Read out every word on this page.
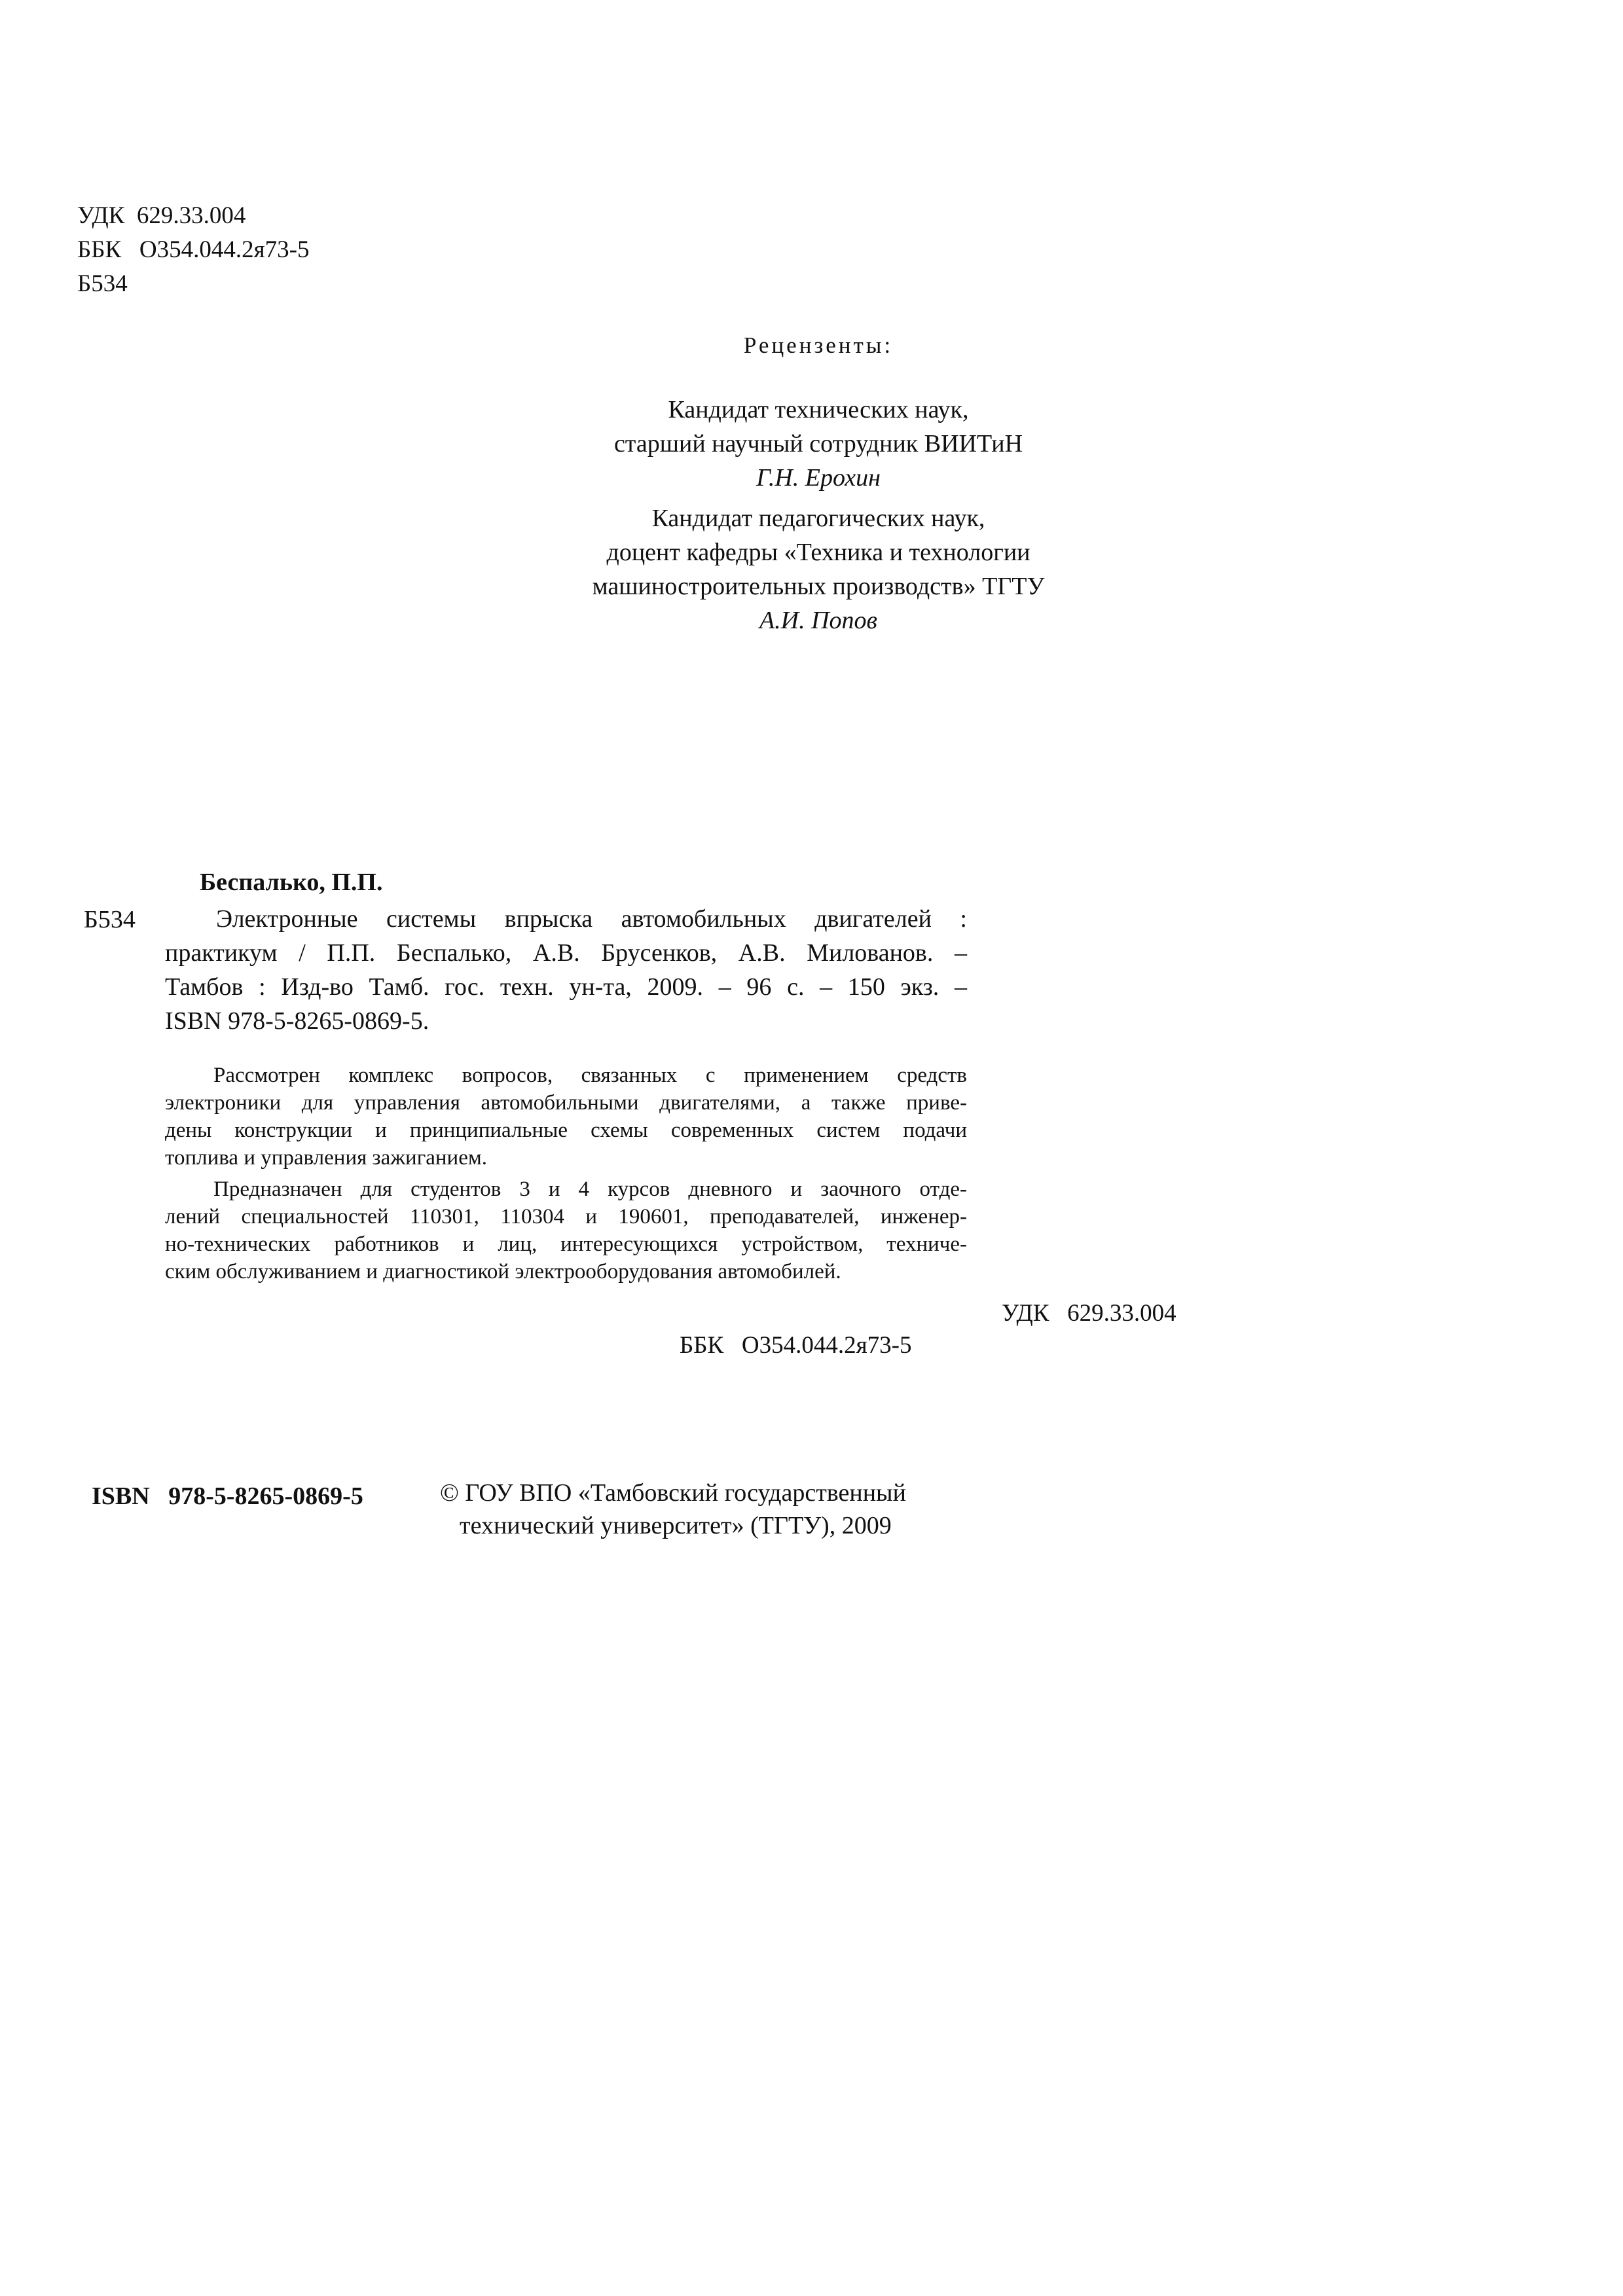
УДК  629.33.004
ББК   О354.044.2я73-5
Б534
Рецензенты:
Кандидат технических наук,
старший научный сотрудник ВИИТиН
Г.Н. Ерохин
Кандидат педагогических наук,
доцент кафедры «Техника и технологии
машиностроительных производств» ТГТУ
А.И. Попов
Беспалько, П.П.
Б534	Электронные системы впрыска автомобильных двигателей :
практикум / П.П. Беспалько, А.В. Брусенков, А.В. Милованов. –
Тамбов : Изд-во Тамб. гос. техн. ун-та, 2009. – 96 с. – 150 экз. –
ISBN 978-5-8265-0869-5.
Рассмотрен комплекс вопросов, связанных с применением средств
электроники для управления автомобильными двигателями, а также приве-
дены конструкции и принципиальные схемы современных систем подачи
топлива и управления зажиганием.
Предназначен для студентов 3 и 4 курсов дневного и заочного отде-
лений специальностей 110301, 110304 и 190601, преподавателей, инженер-
но-технических работников и лиц, интересующихся устройством, техниче-
ским обслуживанием и диагностикой электрооборудования автомобилей.
УДК   629.33.004
ББК   О354.044.2я73-5
ISBN   978-5-8265-0869-5	© ГОУ ВПО «Тамбовский государственный
технический университет» (ТГТУ), 2009
